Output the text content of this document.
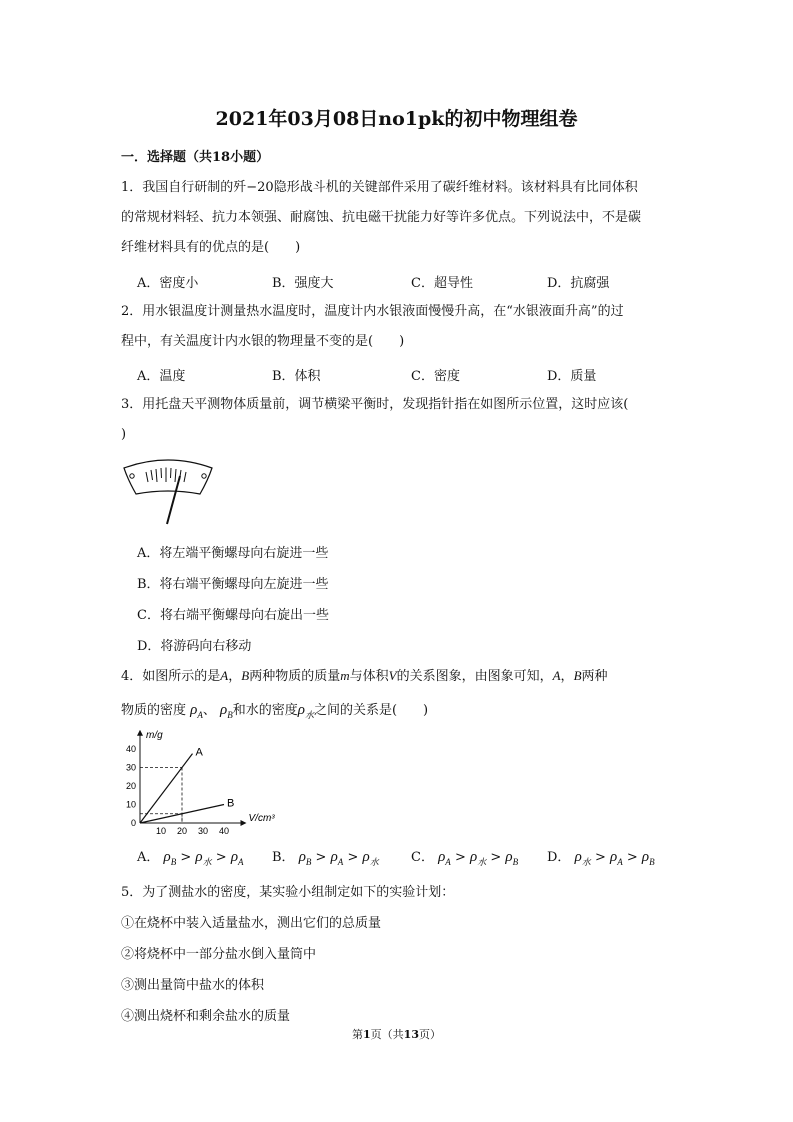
2021年03月08日no1pk的初中物理组卷
一．选择题（共18小题）
1．我国自行研制的歼−20隐形战斗机的关键部件采用了碳纤维材料。该材料具有比同体积
的常规材料轻、抗力本领强、耐腐蚀、抗电磁干扰能力好等许多优点。下列说法中，不是碳
纤维材料具有的优点的是(　　)
A．密度小	B．强度大	C．超导性	D．抗腐强
2．用水银温度计测量热水温度时，温度计内水银液面慢慢升高，在“水银液面升高”的过
程中，有关温度计内水银的物理量不变的是(　　)
A．温度	B．体积	C．密度	D．质量
3．用托盘天平测物体质量前，调节横梁平衡时，发现指针指在如图所示位置，这时应该(
)
A．将左端平衡螺母向右旋进一些
B．将右端平衡螺母向左旋进一些
C．将右端平衡螺母向右旋出一些
D．将游码向右移动
4．如图所示的是A，B两种物质的质量m与体积V的关系图象，由图象可知，A，B两种
物质的密度 $\rho_A$、 $\rho_B$和水的密度$\rho_水$之间的关系是(　　)
0
10
20
30
40
10 20 30 40
m/g
V/cm³
A
B
A． $\rho_B > \rho_水 > \rho_A$ B． $\rho_B > \rho_A > \rho_水$ C． $\rho_A > \rho_水 > \rho_B$ D． $\rho_水 > \rho_A > \rho_B$
5．为了测盐水的密度，某实验小组制定如下的实验计划：
①在烧杯中装入适量盐水，测出它们的总质量
②将烧杯中一部分盐水倒入量筒中
③测出量筒中盐水的体积
④测出烧杯和剩余盐水的质量
第1页（共13页）
